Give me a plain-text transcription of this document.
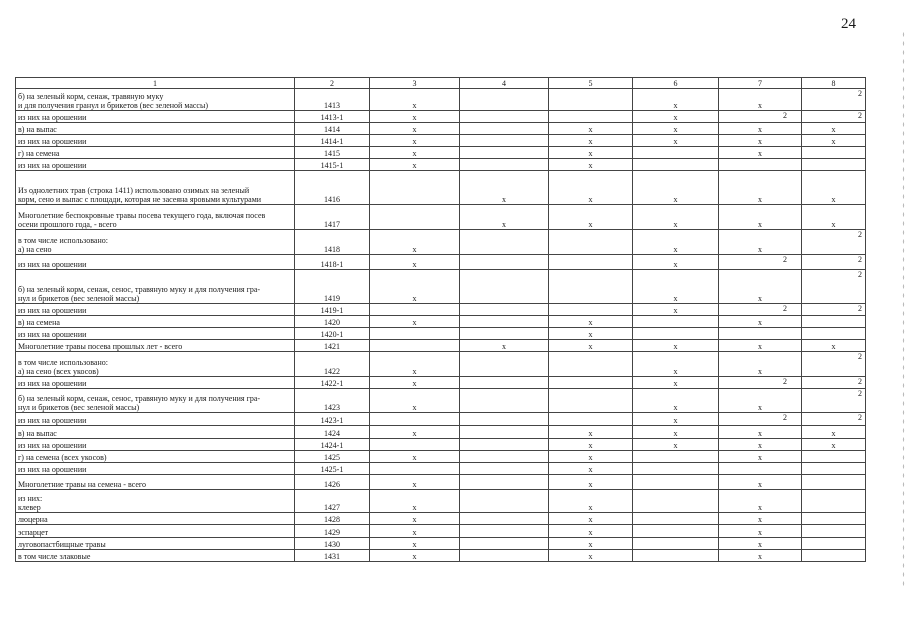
24
1	2	3	4	5	6	7	8

б) на зеленый корм, сенаж, травяную муку
и для получения гранул и брикетов (вес зеленой массы)	1413	x			x	x	2

из них на орошении	1413-1	x			x	2	2

в) на выпас	1414	x		x	x	x	x

из них на орошении	1414-1	x		x	x	x	x

г) на семена	1415	x		x		x	

из них на орошении	1415-1	x		x			

Из однолетних трав (строка 1411) использовано озимых на зеленый
корм, сено и выпас с площади, которая не засеяна яровыми культурами	1416		x	x	x	x	x

Многолетние беспокровные травы посева текущего года, включая посев
осени прошлого года, - всего	1417		x	x	x	x	x

в том числе использовано:
а) на сено	1418	x			x	x	2

из них на орошении	1418-1	x			x	2	2

б) на зеленый корм, сенаж, сенос, травяную муку и для получения гра-
нул и брикетов (вес зеленой массы)	1419	x			x	x	2

из них на орошении	1419-1				x	2	2

в) на семена	1420	x		x		x	

из них на орошении	1420-1			x			

Многолетние травы посева прошлых лет - всего	1421		x	x	x	x	x

в том числе использовано:
а) на сено (всех укосов)	1422	x			x	x	2

из них на орошении	1422-1	x			x	2	2

б) на зеленый корм, сенаж, сенос, травяную муку и для получения гра-
нул и брикетов (вес зеленой массы)	1423	x			x	x	2

из них на орошении	1423-1				x	2	2

в) на выпас	1424	x		x	x	x	x

из них на орошении	1424-1			x	x	x	x

г) на семена (всех укосов)	1425	x		x		x	

из них на орошении	1425-1			x			

Многолетние травы на семена - всего	1426	x		x		x	

из них:
клевер	1427	x		x		x	

люцерна	1428	x		x		x	

эспарцет	1429	x		x		x	

луговопастбищные травы	1430	x		x		x	

в том числе злаковые	1431	x		x		x	
